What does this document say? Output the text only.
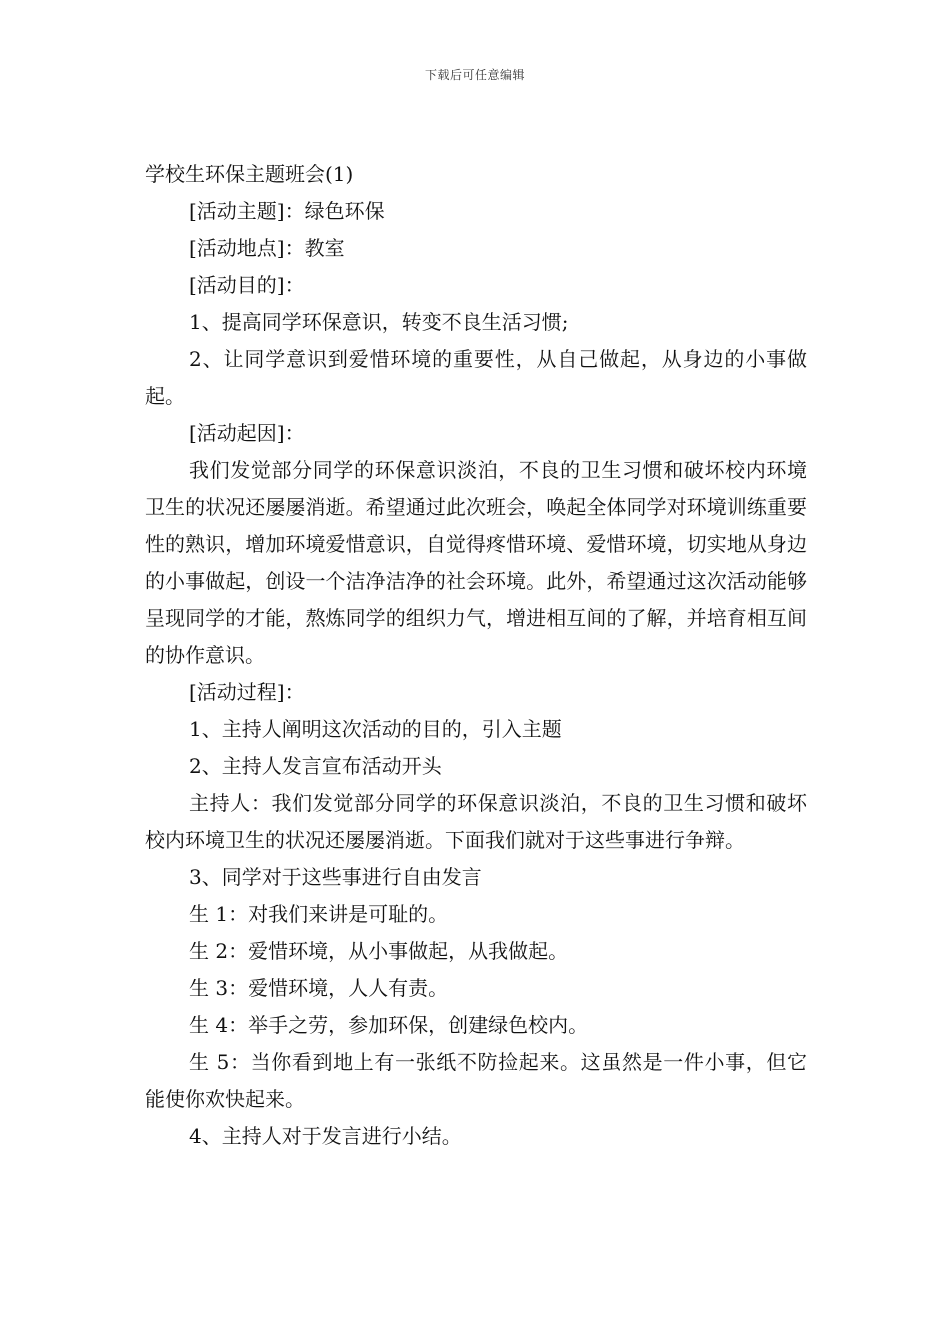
下载后可任意编辑

学校生环保主题班会(1)

[活动主题]：绿色环保

[活动地点]：教室

[活动目的]：

1、提高同学环保意识，转变不良生活习惯;

2、让同学意识到爱惜环境的重要性，从自己做起，从身边的小事做起。

[活动起因]：

我们发觉部分同学的环保意识淡泊，不良的卫生习惯和破坏校内环境卫生的状况还屡屡消逝。希望通过此次班会，唤起全体同学对环境训练重要性的熟识，增加环境爱惜意识，自觉得疼惜环境、爱惜环境，切实地从身边的小事做起，创设一个洁净洁净的社会环境。此外，希望通过这次活动能够呈现同学的才能，熬炼同学的组织力气，增进相互间的了解，并培育相互间的协作意识。

[活动过程]：

1、主持人阐明这次活动的目的，引入主题

2、主持人发言宣布活动开头

主持人：我们发觉部分同学的环保意识淡泊，不良的卫生习惯和破坏校内环境卫生的状况还屡屡消逝。下面我们就对于这些事进行争辩。

3、同学对于这些事进行自由发言

生 1：对我们来讲是可耻的。

生 2：爱惜环境，从小事做起，从我做起。

生 3：爱惜环境，人人有责。

生 4：举手之劳，参加环保，创建绿色校内。

生 5：当你看到地上有一张纸不防捡起来。这虽然是一件小事，但它能使你欢快起来。

4、主持人对于发言进行小结。
